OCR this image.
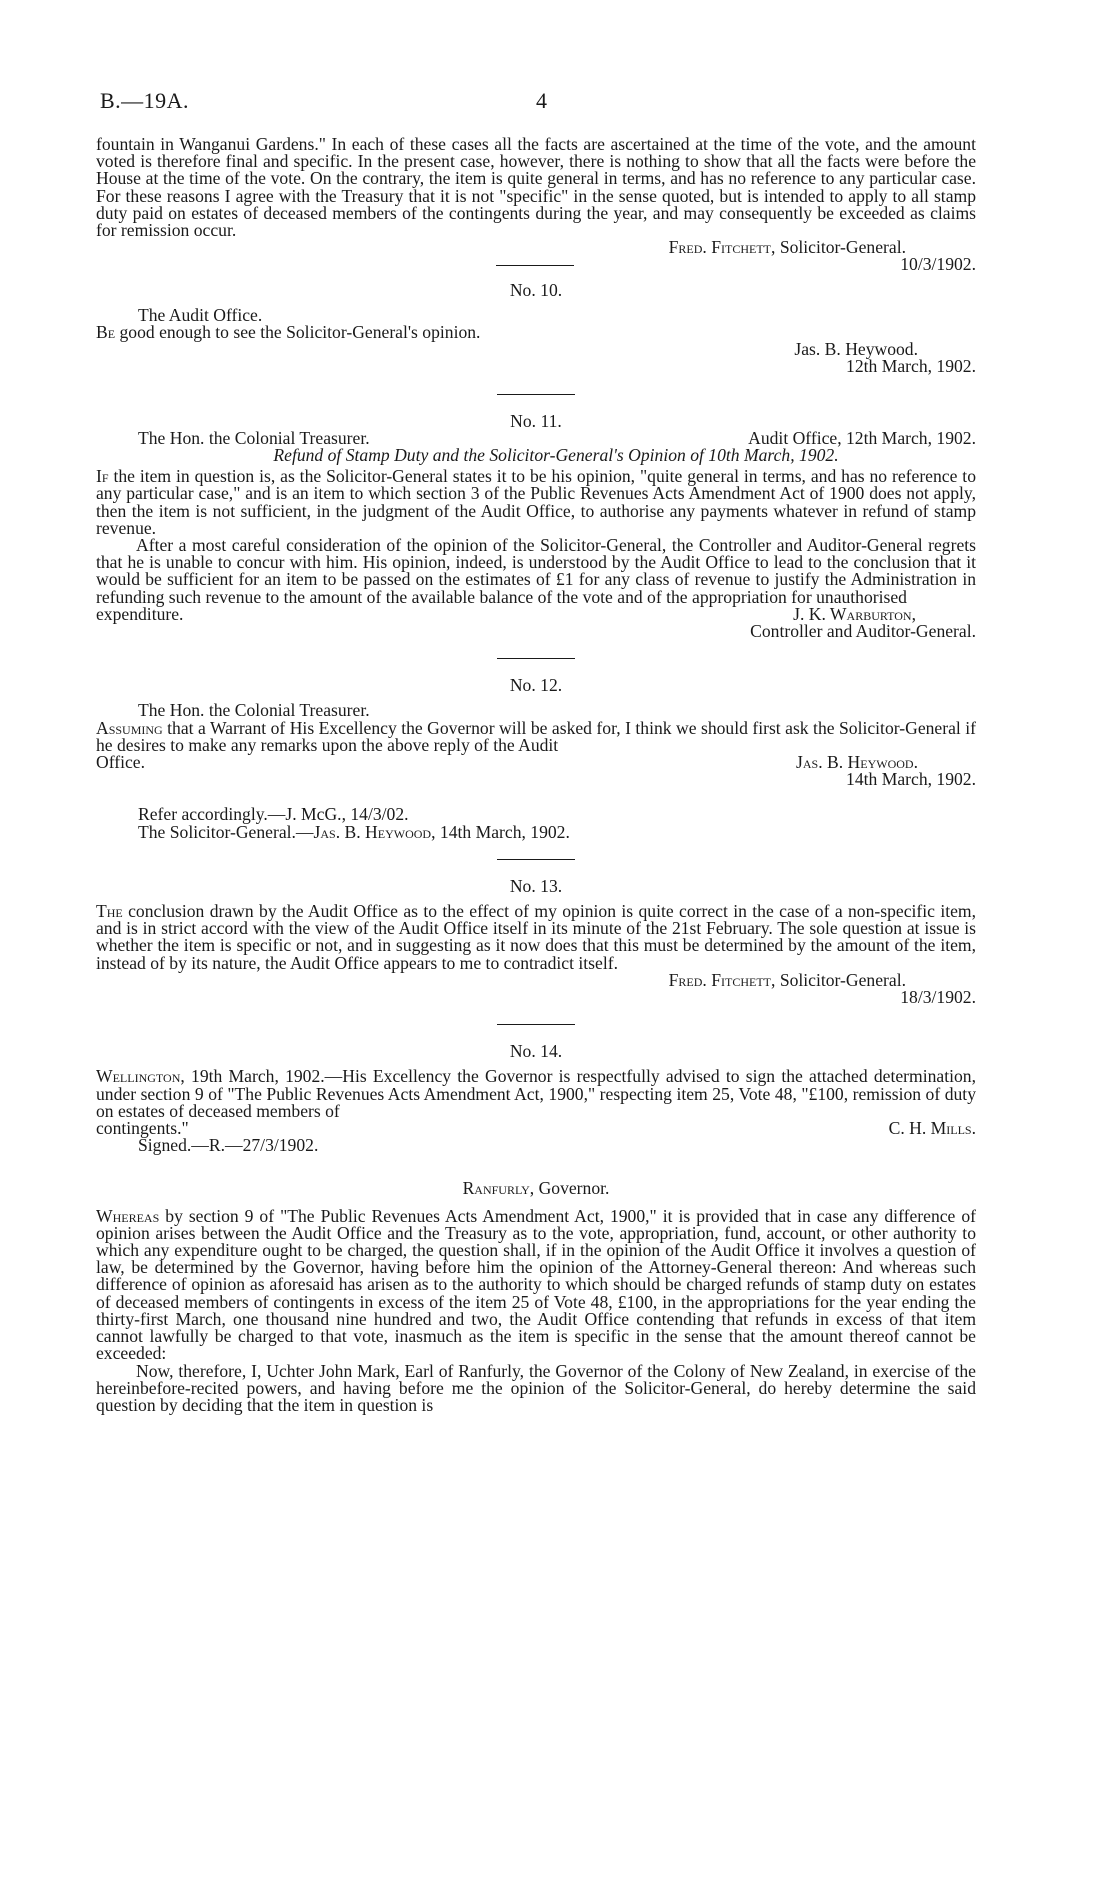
B.—19A.	4

fountain in Wanganui Gardens." In each of these cases all the facts are ascertained at the time of the vote, and the amount voted is therefore final and specific. In the present case, however, there is nothing to show that all the facts were before the House at the time of the vote. On the contrary, the item is quite general in terms, and has no reference to any particular case. For these reasons I agree with the Treasury that it is not "specific" in the sense quoted, but is intended to apply to all stamp duty paid on estates of deceased members of the contingents during the year, and may consequently be exceeded as claims for remission occur.

Fred. Fitchett, Solicitor-General.
10/3/1902.

No. 10.

The Audit Office.

Be good enough to see the Solicitor-General's opinion.

Jas. B. Heywood.
12th March, 1902.

No. 11.

The Hon. the Colonial Treasurer.	Audit Office, 12th March, 1902.

Refund of Stamp Duty and the Solicitor-General's Opinion of 10th March, 1902.

If the item in question is, as the Solicitor-General states it to be his opinion, "quite general in terms, and has no reference to any particular case," and is an item to which section 3 of the Public Revenues Acts Amendment Act of 1900 does not apply, then the item is not sufficient, in the judgment of the Audit Office, to authorise any payments whatever in refund of stamp revenue.

After a most careful consideration of the opinion of the Solicitor-General, the Controller and Auditor-General regrets that he is unable to concur with him. His opinion, indeed, is understood by the Audit Office to lead to the conclusion that it would be sufficient for an item to be passed on the estimates of £1 for any class of revenue to justify the Administration in refunding such revenue to the amount of the available balance of the vote and of the appropriation for unauthorised

expenditure.	J. K. Warburton,
Controller and Auditor-General.

No. 12.

The Hon. the Colonial Treasurer.

Assuming that a Warrant of His Excellency the Governor will be asked for, I think we should first ask the Solicitor-General if he desires to make any remarks upon the above reply of the Audit

Office.	Jas. B. Heywood.
14th March, 1902.

Refer accordingly.—J. McG., 14/3/02.

The Solicitor-General.—Jas. B. Heywood, 14th March, 1902.

No. 13.

The conclusion drawn by the Audit Office as to the effect of my opinion is quite correct in the case of a non-specific item, and is in strict accord with the view of the Audit Office itself in its minute of the 21st February. The sole question at issue is whether the item is specific or not, and in suggesting as it now does that this must be determined by the amount of the item, instead of by its nature, the Audit Office appears to me to contradict itself.

Fred. Fitchett, Solicitor-General.
18/3/1902.

No. 14.

Wellington, 19th March, 1902.—His Excellency the Governor is respectfully advised to sign the attached determination, under section 9 of "The Public Revenues Acts Amendment Act, 1900," respecting item 25, Vote 48, "£100, remission of duty on estates of deceased members of

contingents."	C. H. Mills.

Signed.—R.—27/3/1902.

Ranfurly, Governor.

Whereas by section 9 of "The Public Revenues Acts Amendment Act, 1900," it is provided that in case any difference of opinion arises between the Audit Office and the Treasury as to the vote, appropriation, fund, account, or other authority to which any expenditure ought to be charged, the question shall, if in the opinion of the Audit Office it involves a question of law, be determined by the Governor, having before him the opinion of the Attorney-General thereon: And whereas such difference of opinion as aforesaid has arisen as to the authority to which should be charged refunds of stamp duty on estates of deceased members of contingents in excess of the item 25 of Vote 48, £100, in the appropriations for the year ending the thirty-first March, one thousand nine hundred and two, the Audit Office contending that refunds in excess of that item cannot lawfully be charged to that vote, inasmuch as the item is specific in the sense that the amount thereof cannot be exceeded:

Now, therefore, I, Uchter John Mark, Earl of Ranfurly, the Governor of the Colony of New Zealand, in exercise of the hereinbefore-recited powers, and having before me the opinion of the Solicitor-General, do hereby determine the said question by deciding that the item in question is
